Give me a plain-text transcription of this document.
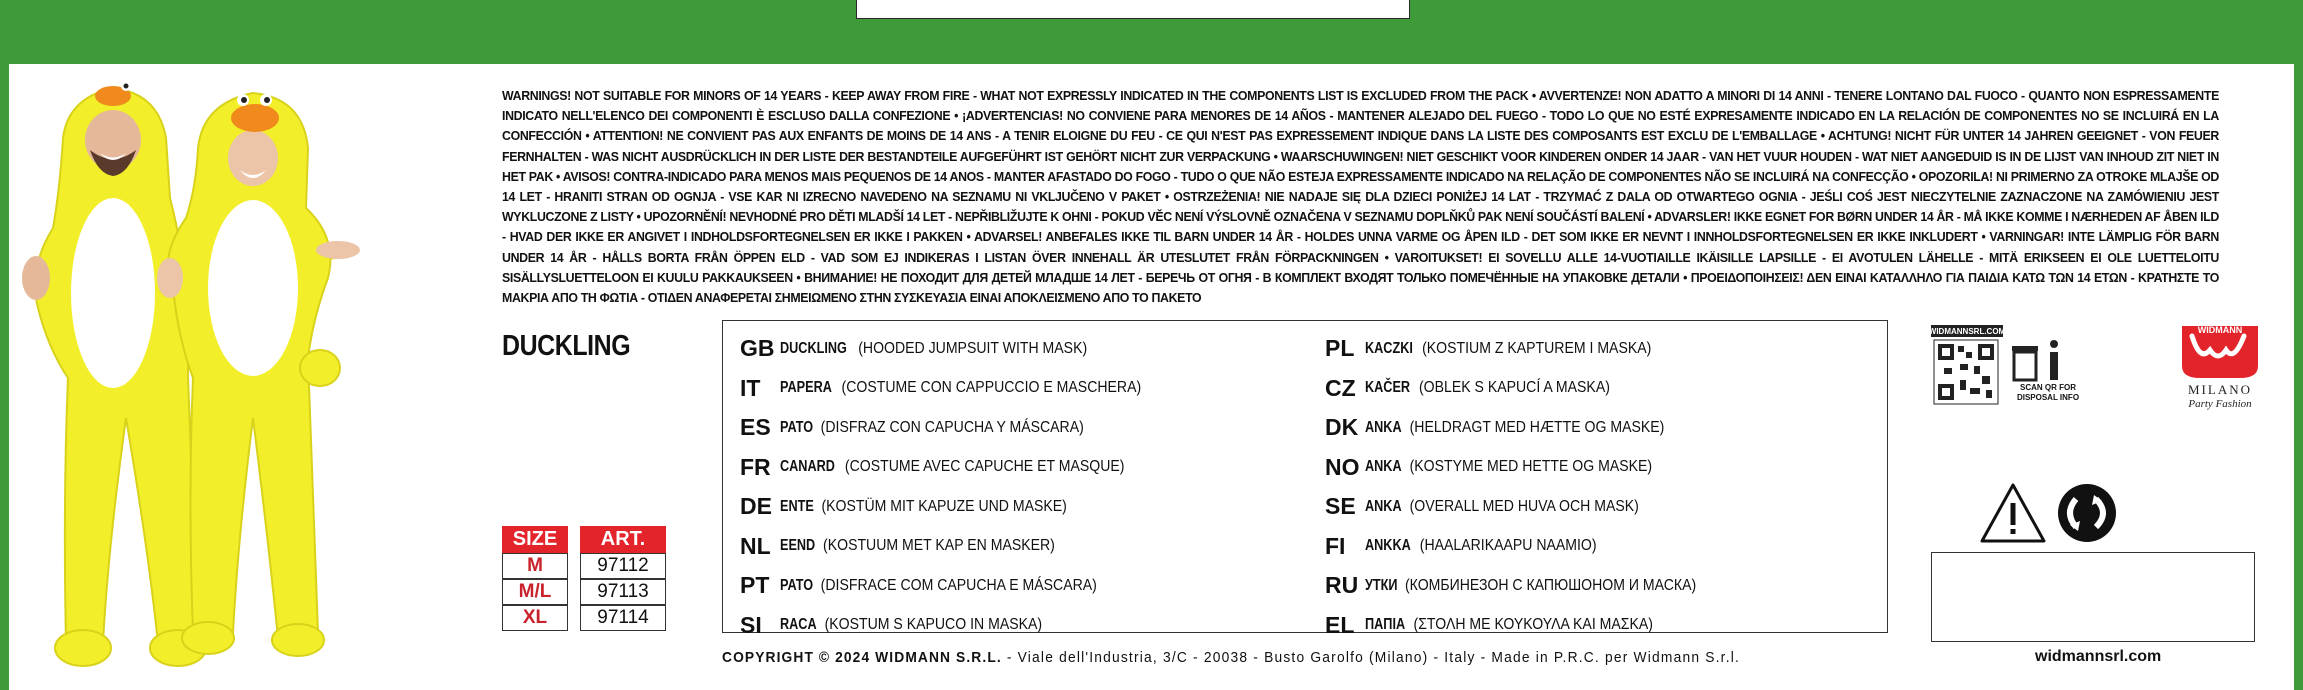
WARNINGS! NOT SUITABLE FOR MINORS OF 14 YEARS - KEEP AWAY FROM FIRE - WHAT NOT EXPRESSLY INDICATED IN THE COMPONENTS LIST IS EXCLUDED FROM THE PACK • AVVERTENZE! NON ADATTO A MINORI DI 14 ANNI - TENERE LONTANO DAL FUOCO - QUANTO NON ESPRESSAMENTE INDICATO NELL'ELENCO DEI COMPONENTI È ESCLUSO DALLA CONFEZIONE • ¡ADVERTENCIAS! NO CONVIENE PARA MENORES DE 14 AÑOS - MANTENER ALEJADO DEL FUEGO - TODO LO QUE NO ESTÉ EXPRESAMENTE INDICADO EN LA RELACIÓN DE COMPONENTES NO SE INCLUIRÁ EN LA CONFECCIÓN • ATTENTION! NE CONVIENT PAS AUX ENFANTS DE MOINS DE 14 ANS - A TENIR ELOIGNE DU FEU - CE QUI N'EST PAS EXPRESSEMENT INDIQUE DANS LA LISTE DES COMPOSANTS EST EXCLU DE L'EMBALLAGE • ACHTUNG! NICHT FÜR UNTER 14 JAHREN GEEIGNET - VON FEUER FERNHALTEN - WAS NICHT AUSDRÜCKLICH IN DER LISTE DER BESTANDTEILE AUFGEFÜHRT IST GEHÖRT NICHT ZUR VERPACKUNG • WAARSCHUWINGEN! NIET GESCHIKT VOOR KINDEREN ONDER 14 JAAR - VAN HET VUUR HOUDEN - WAT NIET AANGEDUID IS IN DE LIJST VAN INHOUD ZIT NIET IN HET PAK • AVISOS! CONTRA-INDICADO PARA MENOS MAIS PEQUENOS DE 14 ANOS - MANTER AFASTADO DO FOGO - TUDO O QUE NÃO ESTEJA EXPRESSAMENTE INDICADO NA RELAÇÃO DE COMPONENTES NÃO SE INCLUIRÁ NA CONFECÇÃO • OPOZORILA! NI PRIMERNO ZA OTROKE MLAJŠE OD 14 LET - HRANITI STRAN OD OGNJA - VSE KAR NI IZRECNO NAVEDENO NA SEZNAMU NI VKLJUČENO V PAKET • OSTRZEŻENIA! NIE NADAJE SIĘ DLA DZIECI PONIŻEJ 14 LAT - TRZYMAĆ Z DALA OD OTWARTEGO OGNIA - JEŚLI COŚ JEST NIECZYTELNIE ZAZNACZONE NA ZAMÓWIENIU JEST WYKLUCZONE Z LISTY • UPOZORNĚNÍ! NEVHODNÉ PRO DĚTI MLADŠÍ 14 LET - NEPŘIBLIŽUJTE K OHNI - POKUD VĚC NENÍ VÝSLOVNĚ OZNAČENA V SEZNAMU DOPLŇKŮ PAK NENÍ SOUČÁSTÍ BALENÍ • ADVARSLER! IKKE EGNET FOR BØRN UNDER 14 ÅR - MÅ IKKE KOMME I NÆRHEDEN AF ÅBEN ILD - HVAD DER IKKE ER ANGIVET I INDHOLDSFORTEGNELSEN ER IKKE I PAKKEN • ADVARSEL! ANBEFALES IKKE TIL BARN UNDER 14 ÅR - HOLDES UNNA VARME OG ÅPEN ILD - DET SOM IKKE ER NEVNT I INNHOLDSFORTEGNELSEN ER IKKE INKLUDERT • VARNINGAR! INTE LÄMPLIG FÖR BARN UNDER 14 ÅR - HÅLLS BORTA FRÅN ÖPPEN ELD - VAD SOM EJ INDIKERAS I LISTAN ÖVER INNEHALL ÄR UTESLUTET FRÅN FÖRPACKNINGEN • VAROITUKSET! EI SOVELLU ALLE 14-VUOTIAILLE IKÄISILLE LAPSILLE - EI AVOTULEN LÄHELLE - MITÄ ERIKSEEN EI OLE LUETTELOITU SISÄLLYSLUETTELOON EI KUULU PAKKAUKSEEN • ВНИМАНИЕ! НЕ ПОХОДИТ ДЛЯ ДЕТЕЙ МЛАДШЕ 14 ЛЕТ - БЕРЕЧЬ ОТ ОГНЯ - В КОМПЛЕКТ ВХОДЯТ ТОЛЬКО ПОМЕЧЁННЫЕ НА УПАКОВКЕ ДЕТАЛИ • ΠΡΟΕΙΔΟΠΟΙΗΣΕΙΣ! ΔΕΝ ΕΙΝΑΙ ΚΑΤΑΛΛΗΛΟ ΓΙΑ ΠΑΙΔΙΑ ΚΑΤΩ ΤΩΝ 14 ΕΤΩΝ - ΚΡΑΤΗΣΤΕ ΤΟ ΜΑΚΡΙΑ ΑΠΟ ΤΗ ΦΩΤΙΑ - ΟΤΙΔΕΝ ΑΝΑΦΕΡΕΤΑΙ ΣΗΜΕΙΩΜΕΝΟ ΣΤΗΝ ΣΥΣΚΕΥΑΣΙΑ ΕΙΝΑΙ ΑΠΟΚΛΕΙΣΜΕΝΟ ΑΠΟ ΤΟ ΠΑΚΕΤΟ
DUCKLING	GB DUCKLING (HOODED JUMPSUIT WITH MASK)
IT	PAPERA (COSTUME CON CAPPUCCIO E MASCHERA)
ES PATO (DISFRAZ CON CAPUCHA Y MÁSCARA)
FR CANARD (COSTUME AVEC CAPUCHE ET MASQUE)
DE ENTE (KOSTÜM MIT KAPUZE UND MASKE)
NL EEND (KOSTUUM MET KAP EN MASKER)
PT PATO (DISFRACE COM CAPUCHA E MÁSCARA)
SI	RACA (KOSTUM S KAPUCO IN MASKA)
PL KACZKI (KOSTIUM Z KAPTUREM I MASKA)
CZ KAČER (OBLEK S KAPUCÍ A MASKA)
DK ANKA (HELDRAGT MED HÆTTE OG MASKE)
NO ANKA (KOSTYME MED HETTE OG MASKE)
SE ANKA (OVERALL MED HUVA OCH MASK)
FI	ANKKA (HAALARIKAAPU NAAMIO)
RU УТКИ (КОМБИНЕЗОН С КАПЮШОНОМ И МАСКА)
EL ΠΑΠΙΑ (ΣΤΟΛΗ ΜΕ ΚΟΥΚΟΥΛΑ ΚΑΙ ΜΑΣΚΑ)
SIZE		ART.
M		97112
M/L		97113
XL		97114
COPYRIGHT © 2024 WIDMANN S.R.L. - Viale dell'Industria, 3/C - 20038 - Busto Garolfo (Milano) - Italy - Made in P.R.C. per Widmann S.r.l.
WIDMANNSRL.COM
SCAN QR FOR
DISPOSAL INFO
WIDMANN
MILANO
Party Fashion
widmannsrl.com
